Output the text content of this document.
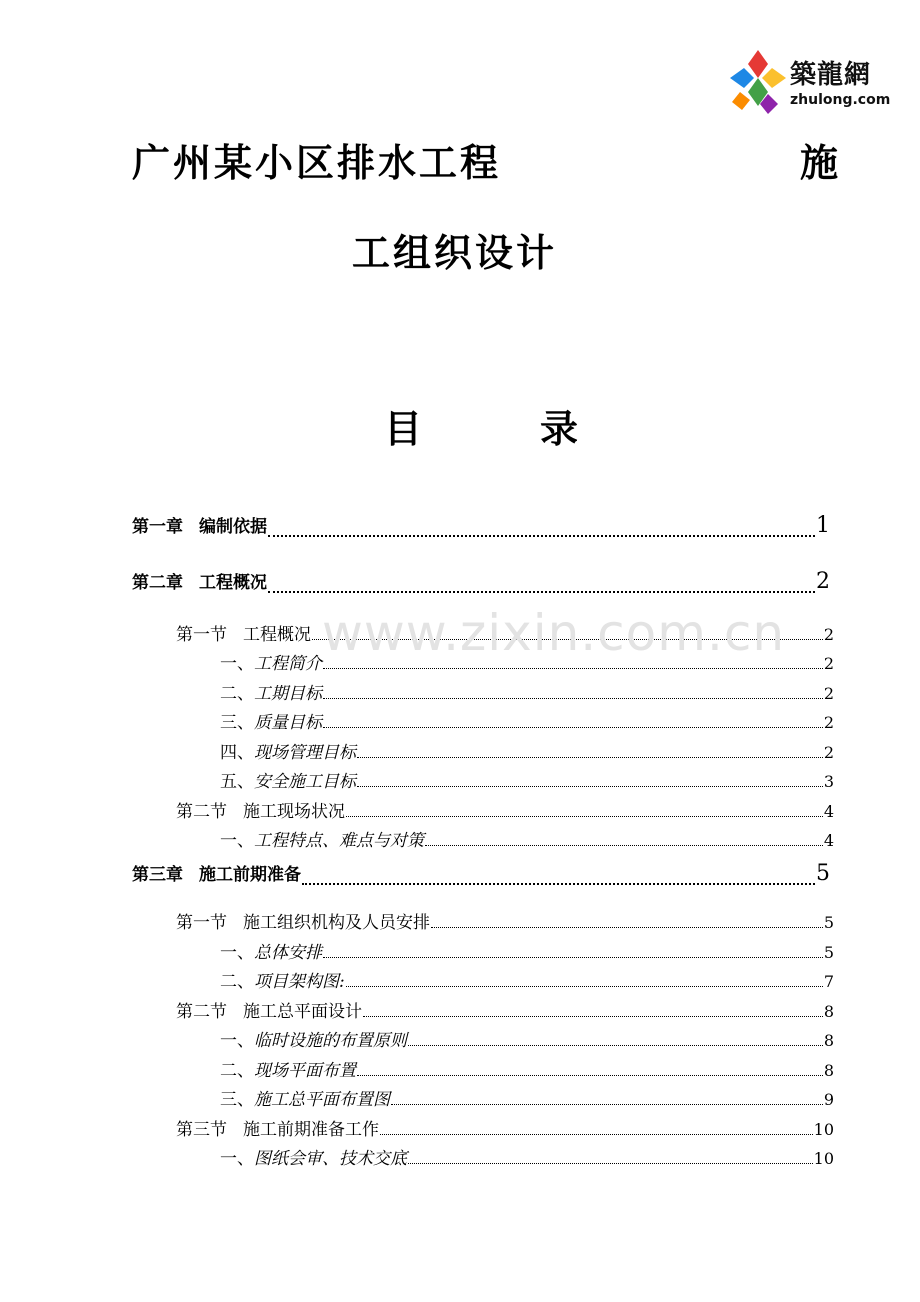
築龍網
zhulong.com
广州某小区排水工程	施
工组织设计
目	录
第一章 编制依据	1
第二章 工程概况	2
第一节 工程概况	2
一、工程简介	2
二、工期目标	2
三、质量目标	2
四、现场管理目标	2
五、安全施工目标	3
第二节 施工现场状况	4
一、工程特点、难点与对策	4
第三章 施工前期准备	5
第一节 施工组织机构及人员安排	5
一、总体安排	5
二、项目架构图:	7
第二节 施工总平面设计	8
一、临时设施的布置原则	8
二、现场平面布置	8
三、施工总平面布置图	9
第三节 施工前期准备工作	10
一、图纸会审、技术交底	10
www.zixin.com.cn
